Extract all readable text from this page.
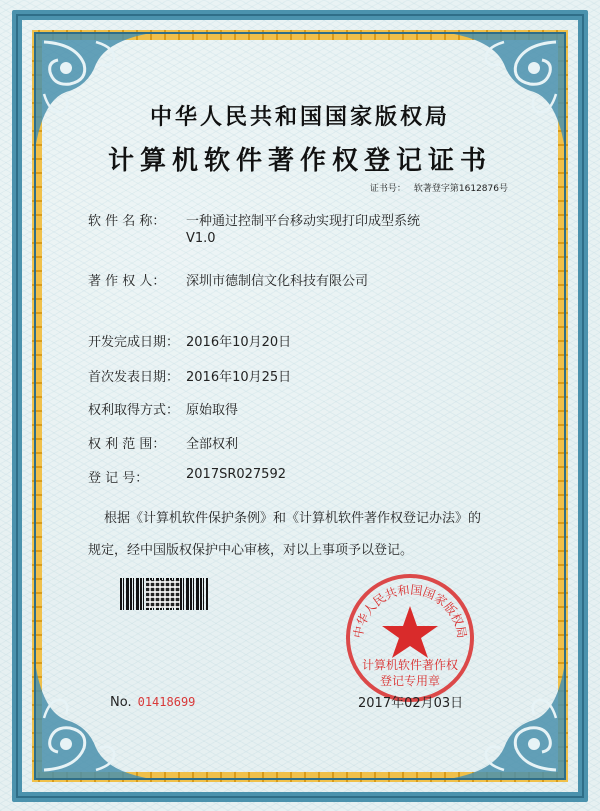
中华人民共和国国家版权局
计算机软件著作权登记证书
证书号： 软著登字第1612876号
软 件 名 称：	一种通过控制平台移动实现打印成型系统
V1.0
著 作 权 人：	深圳市德制信文化科技有限公司
开发完成日期： 2016年10月20日
首次发表日期： 2016年10月25日
权利取得方式： 原始取得
权 利 范 围：	全部权利
登 记 号：	2017SR027592
根据《计算机软件保护条例》和《计算机软件著作权登记办法》的
规定，经中国版权保护中心审核，对以上事项予以登记。
中华人民共和国国家版权局
计算机软件著作权
登记专用章
No. 01418699	2017年02月03日
